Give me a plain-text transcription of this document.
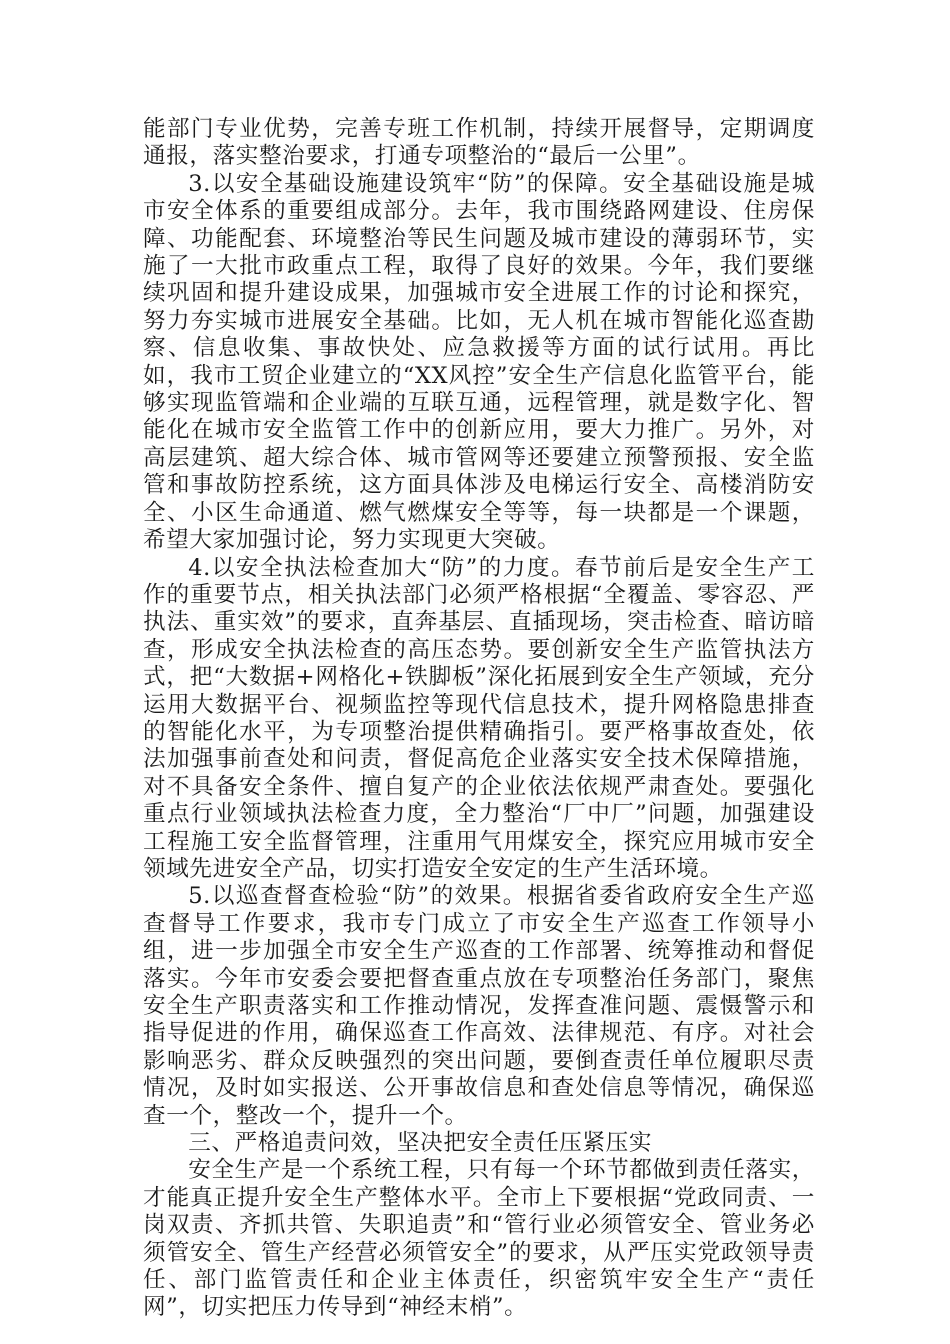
能部门专业优势，完善专班工作机制，持续开展督导，定期调度通报，落实整治要求，打通专项整治的“最后一公里”。

3.以安全基础设施建设筑牢“防”的保障。安全基础设施是城市安全体系的重要组成部分。去年，我市围绕路网建设、住房保障、功能配套、环境整治等民生问题及城市建设的薄弱环节，实施了一大批市政重点工程，取得了良好的效果。今年，我们要继续巩固和提升建设成果，加强城市安全进展工作的讨论和探究，努力夯实城市进展安全基础。比如，无人机在城市智能化巡查勘察、信息收集、事故快处、应急救援等方面的试行试用。再比如，我市工贸企业建立的“XX风控”安全生产信息化监管平台，能够实现监管端和企业端的互联互通，远程管理，就是数字化、智能化在城市安全监管工作中的创新应用，要大力推广。另外，对高层建筑、超大综合体、城市管网等还要建立预警预报、安全监管和事故防控系统，这方面具体涉及电梯运行安全、高楼消防安全、小区生命通道、燃气燃煤安全等等，每一块都是一个课题，希望大家加强讨论，努力实现更大突破。

4.以安全执法检查加大“防”的力度。春节前后是安全生产工作的重要节点，相关执法部门必须严格根据“全覆盖、零容忍、严执法、重实效”的要求，直奔基层、直插现场，突击检查、暗访暗查，形成安全执法检查的高压态势。要创新安全生产监管执法方式，把“大数据+网格化+铁脚板”深化拓展到安全生产领域，充分运用大数据平台、视频监控等现代信息技术，提升网格隐患排查的智能化水平，为专项整治提供精确指引。要严格事故查处，依法加强事前查处和问责，督促高危企业落实安全技术保障措施，对不具备安全条件、擅自复产的企业依法依规严肃查处。要强化重点行业领域执法检查力度，全力整治“厂中厂”问题，加强建设工程施工安全监督管理，注重用气用煤安全，探究应用城市安全领域先进安全产品，切实打造安全安定的生产生活环境。

5.以巡查督查检验“防”的效果。根据省委省政府安全生产巡查督导工作要求，我市专门成立了市安全生产巡查工作领导小组，进一步加强全市安全生产巡查的工作部署、统筹推动和督促落实。今年市安委会要把督查重点放在专项整治任务部门，聚焦安全生产职责落实和工作推动情况，发挥查准问题、震慑警示和指导促进的作用，确保巡查工作高效、法律规范、有序。对社会影响恶劣、群众反映强烈的突出问题，要倒查责任单位履职尽责情况，及时如实报送、公开事故信息和查处信息等情况，确保巡查一个，整改一个，提升一个。

三、严格追责问效，坚决把安全责任压紧压实

安全生产是一个系统工程，只有每一个环节都做到责任落实，才能真正提升安全生产整体水平。全市上下要根据“党政同责、一岗双责、齐抓共管、失职追责”和“管行业必须管安全、管业务必须管安全、管生产经营必须管安全”的要求，从严压实党政领导责任、部门监管责任和企业主体责任，织密筑牢安全生产“责任网”，切实把压力传导到“神经末梢”。
